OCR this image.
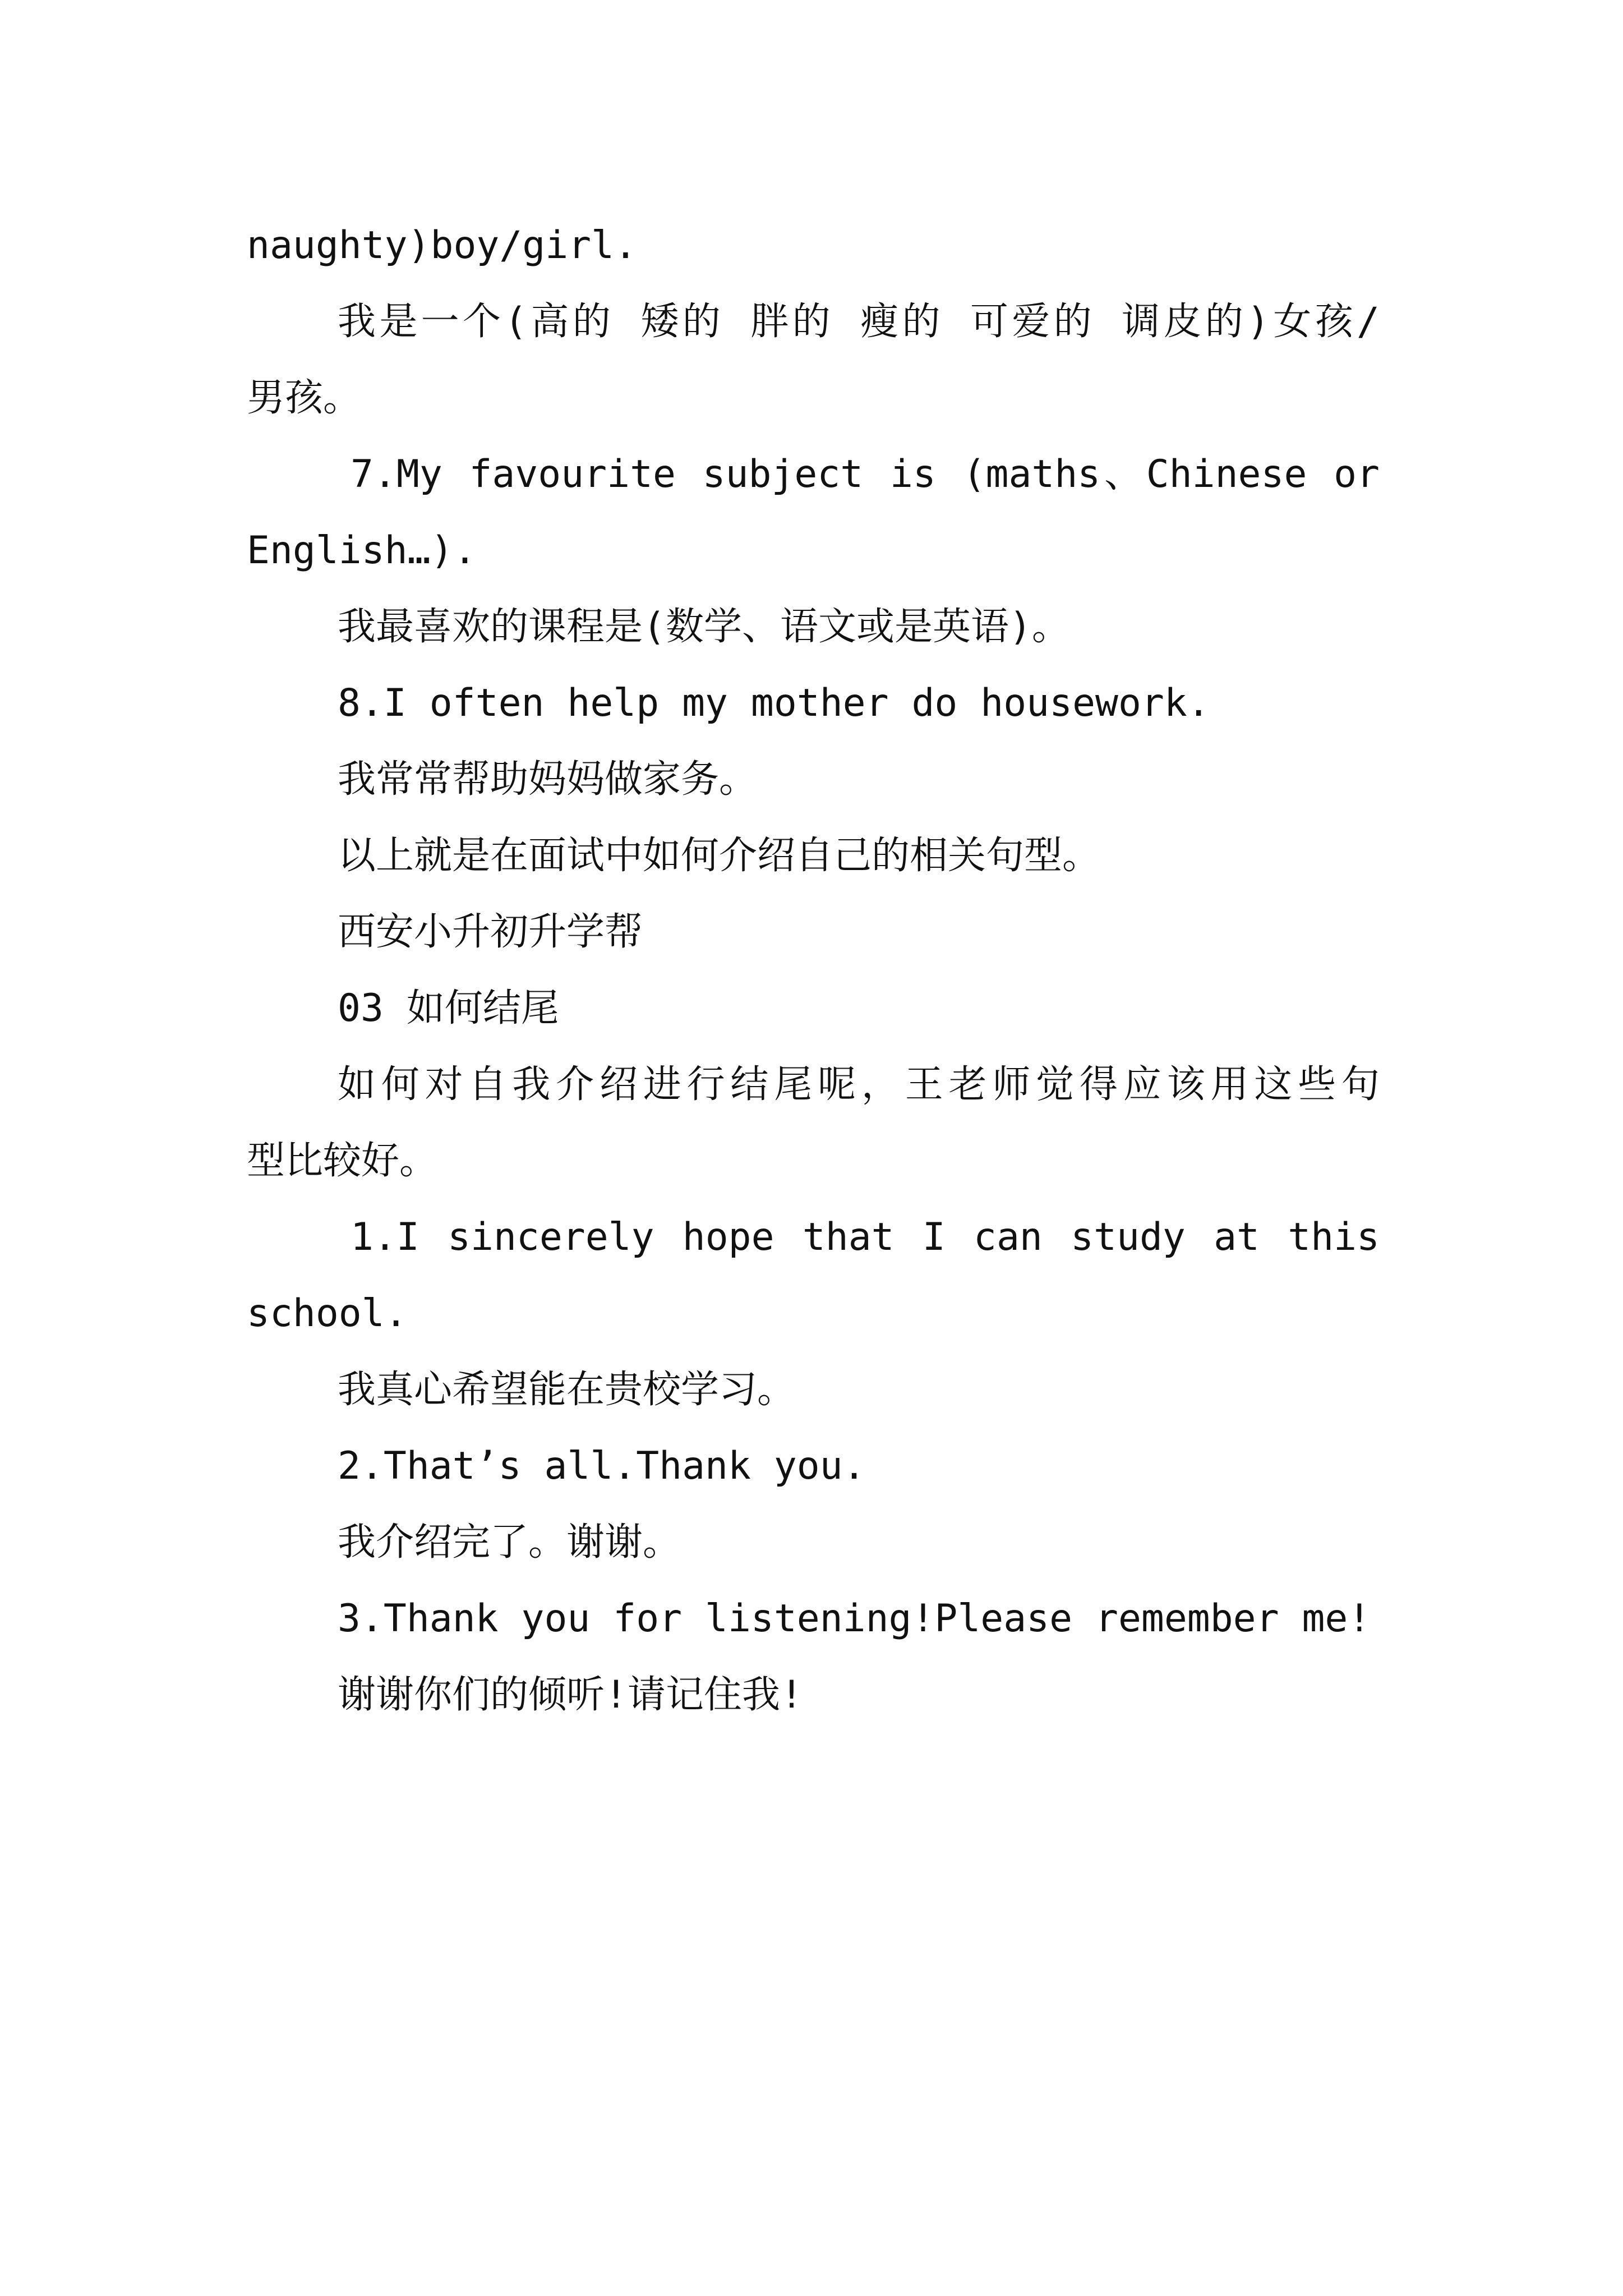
naughty)boy/girl.

我是一个(高的 矮的 胖的 瘦的 可爱的 调皮的)女孩/

男孩。

7.My favourite subject is (maths、Chinese or

English…).

我最喜欢的课程是(数学、语文或是英语)。

8.I often help my mother do housework.

我常常帮助妈妈做家务。

以上就是在面试中如何介绍自己的相关句型。

西安小升初升学帮

03 如何结尾

如何对自我介绍进行结尾呢，王老师觉得应该用这些句

型比较好。

1.I sincerely hope that I can study at this

school.

我真心希望能在贵校学习。

2.That’s all.Thank you.

我介绍完了。谢谢。

3.Thank you for listening!Please remember me!

谢谢你们的倾听!请记住我!
